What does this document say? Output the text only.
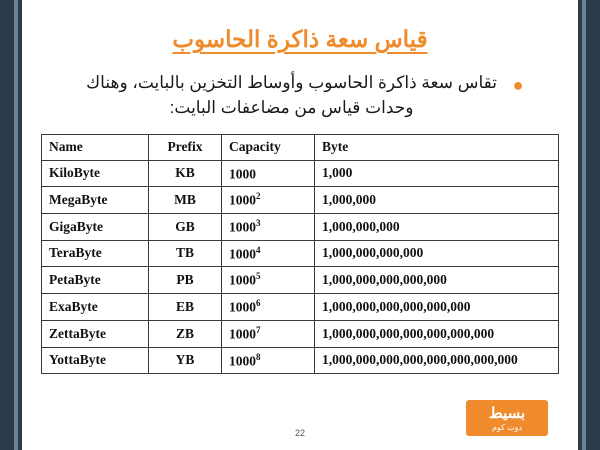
قياس سعة ذاكرة الحاسوب
●
تقاس سعة ذاكرة الحاسوب وأوساط التخزين بالبايت، وهناك وحدات قياس من مضاعفات البايت:
Name	Prefix	Capacity	Byte
KiloByte	KB	1000	1,000
MegaByte	MB	1000$^2$	1,000,000
GigaByte	GB	1000$^3$	1,000,000,000
TeraByte	TB	1000$^4$	1,000,000,000,000
PetaByte	PB	1000$^5$	1,000,000,000,000,000
ExaByte	EB	1000$^6$	1,000,000,000,000,000,000
ZettaByte	ZB	1000$^7$	1,000,000,000,000,000,000,000
YottaByte	YB	1000$^8$	1,000,000,000,000,000,000,000,000
22
بسيط
دوت كوم
